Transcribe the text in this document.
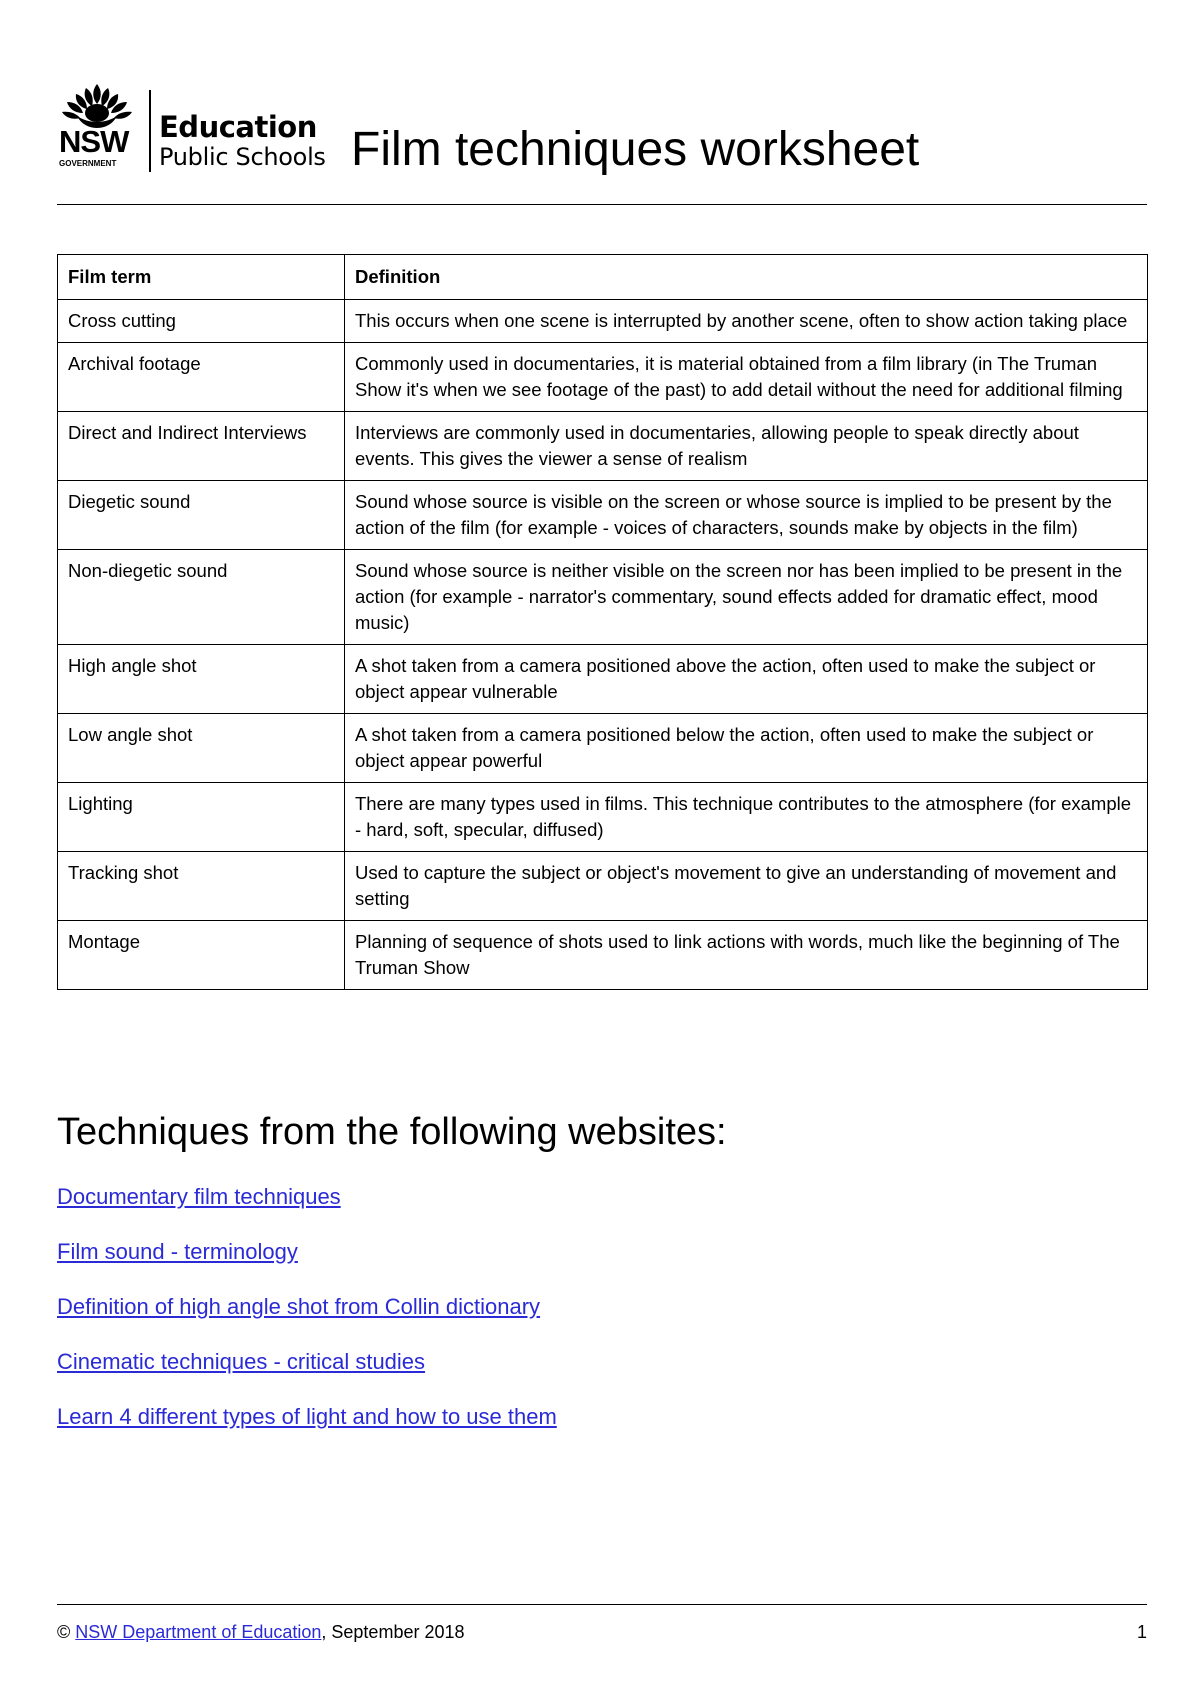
NSW
GOVERNMENT
Education
Public Schools Film techniques worksheet
Film term	Definition
Cross cutting	This occurs when one scene is interrupted by another scene, often to show action taking place
Archival footage	Commonly used in documentaries, it is material obtained from a film library (in The Truman Show it's when we see footage of the past) to add detail without the need for additional filming
Direct and Indirect Interviews	Interviews are commonly used in documentaries, allowing people to speak directly about events. This gives the viewer a sense of realism
Diegetic sound	Sound whose source is visible on the screen or whose source is implied to be present by the action of the film (for example - voices of characters, sounds make by objects in the film)
Non-diegetic sound	Sound whose source is neither visible on the screen nor has been implied to be present in the action (for example - narrator's commentary, sound effects added for dramatic effect, mood music)
High angle shot	A shot taken from a camera positioned above the action, often used to make the subject or object appear vulnerable
Low angle shot	A shot taken from a camera positioned below the action, often used to make the subject or object appear powerful
Lighting	There are many types used in films. This technique contributes to the atmosphere (for example - hard, soft, specular, diffused)
Tracking shot	Used to capture the subject or object's movement to give an understanding of movement and setting
Montage	Planning of sequence of shots used to link actions with words, much like the beginning of The Truman Show
Techniques from the following websites:
Documentary film techniques
Film sound - terminology
Definition of high angle shot from Collin dictionary
Cinematic techniques - critical studies
Learn 4 different types of light and how to use them
© NSW Department of Education, September 2018	1
